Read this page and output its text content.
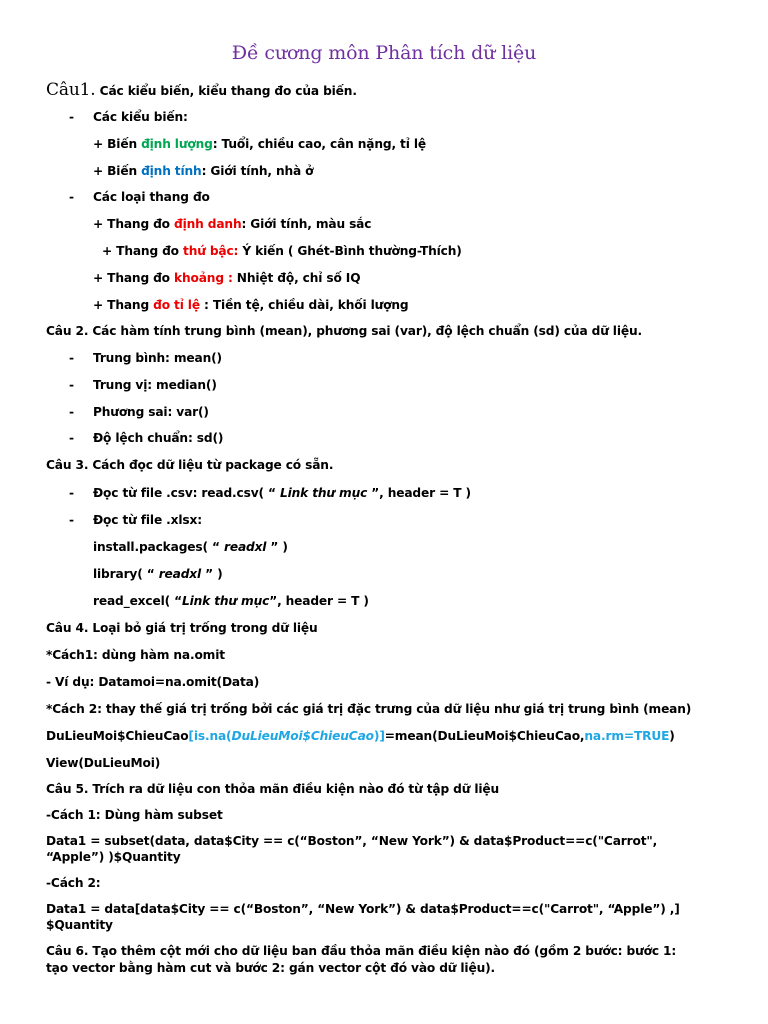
Đề cương môn Phân tích dữ liệu
Câu1. Các kiểu biến, kiểu thang đo của biến.
- Các kiểu biến:
+ Biến định lượng: Tuổi, chiều cao, cân nặng, tỉ lệ
+ Biến định tính: Giới tính, nhà ở
- Các loại thang đo
+ Thang đo định danh: Giới tính, màu sắc
+ Thang đo thứ bậc: Ý kiến ( Ghét-Bình thường-Thích)
+ Thang đo khoảng : Nhiệt độ, chỉ số IQ
+ Thang đo tỉ lệ : Tiền tệ, chiều dài, khối lượng
Câu 2. Các hàm tính trung bình (mean), phương sai (var), độ lệch chuẩn (sd) của dữ liệu.
- Trung bình: mean()
- Trung vị: median()
- Phương sai: var()
- Độ lệch chuẩn: sd()
Câu 3. Cách đọc dữ liệu từ package có sẵn.
- Đọc từ file .csv: read.csv( “ Link thư mục ”, header = T )
- Đọc từ file .xlsx:
install.packages( “ readxl ” )
library( “ readxl ” )
read_excel( “Link thư mục”, header = T )
Câu 4. Loại bỏ giá trị trống trong dữ liệu
*Cách1: dùng hàm na.omit
- Ví dụ: Datamoi=na.omit(Data)
*Cách 2: thay thế giá trị trống bởi các giá trị đặc trưng của dữ liệu như giá trị trung bình (mean)
DuLieuMoi$ChieuCao[is.na(DuLieuMoi$ChieuCao)]=mean(DuLieuMoi$ChieuCao,na.rm=TRUE)
View(DuLieuMoi)
Câu 5. Trích ra dữ liệu con thỏa mãn điều kiện nào đó từ tập dữ liệu
-Cách 1: Dùng hàm subset
Data1 = subset(data, data$City == c(“Boston”, “New York”) & data$Product==c("Carrot",
“Apple”) )$Quantity
-Cách 2:
Data1 = data[data$City == c(“Boston”, “New York”) & data$Product==c("Carrot", “Apple”) ,]
$Quantity
Câu 6. Tạo thêm cột mới cho dữ liệu ban đầu thỏa mãn điều kiện nào đó (gồm 2 bước: bước 1:
tạo vector bằng hàm cut và bước 2: gán vector cột đó vào dữ liệu).
